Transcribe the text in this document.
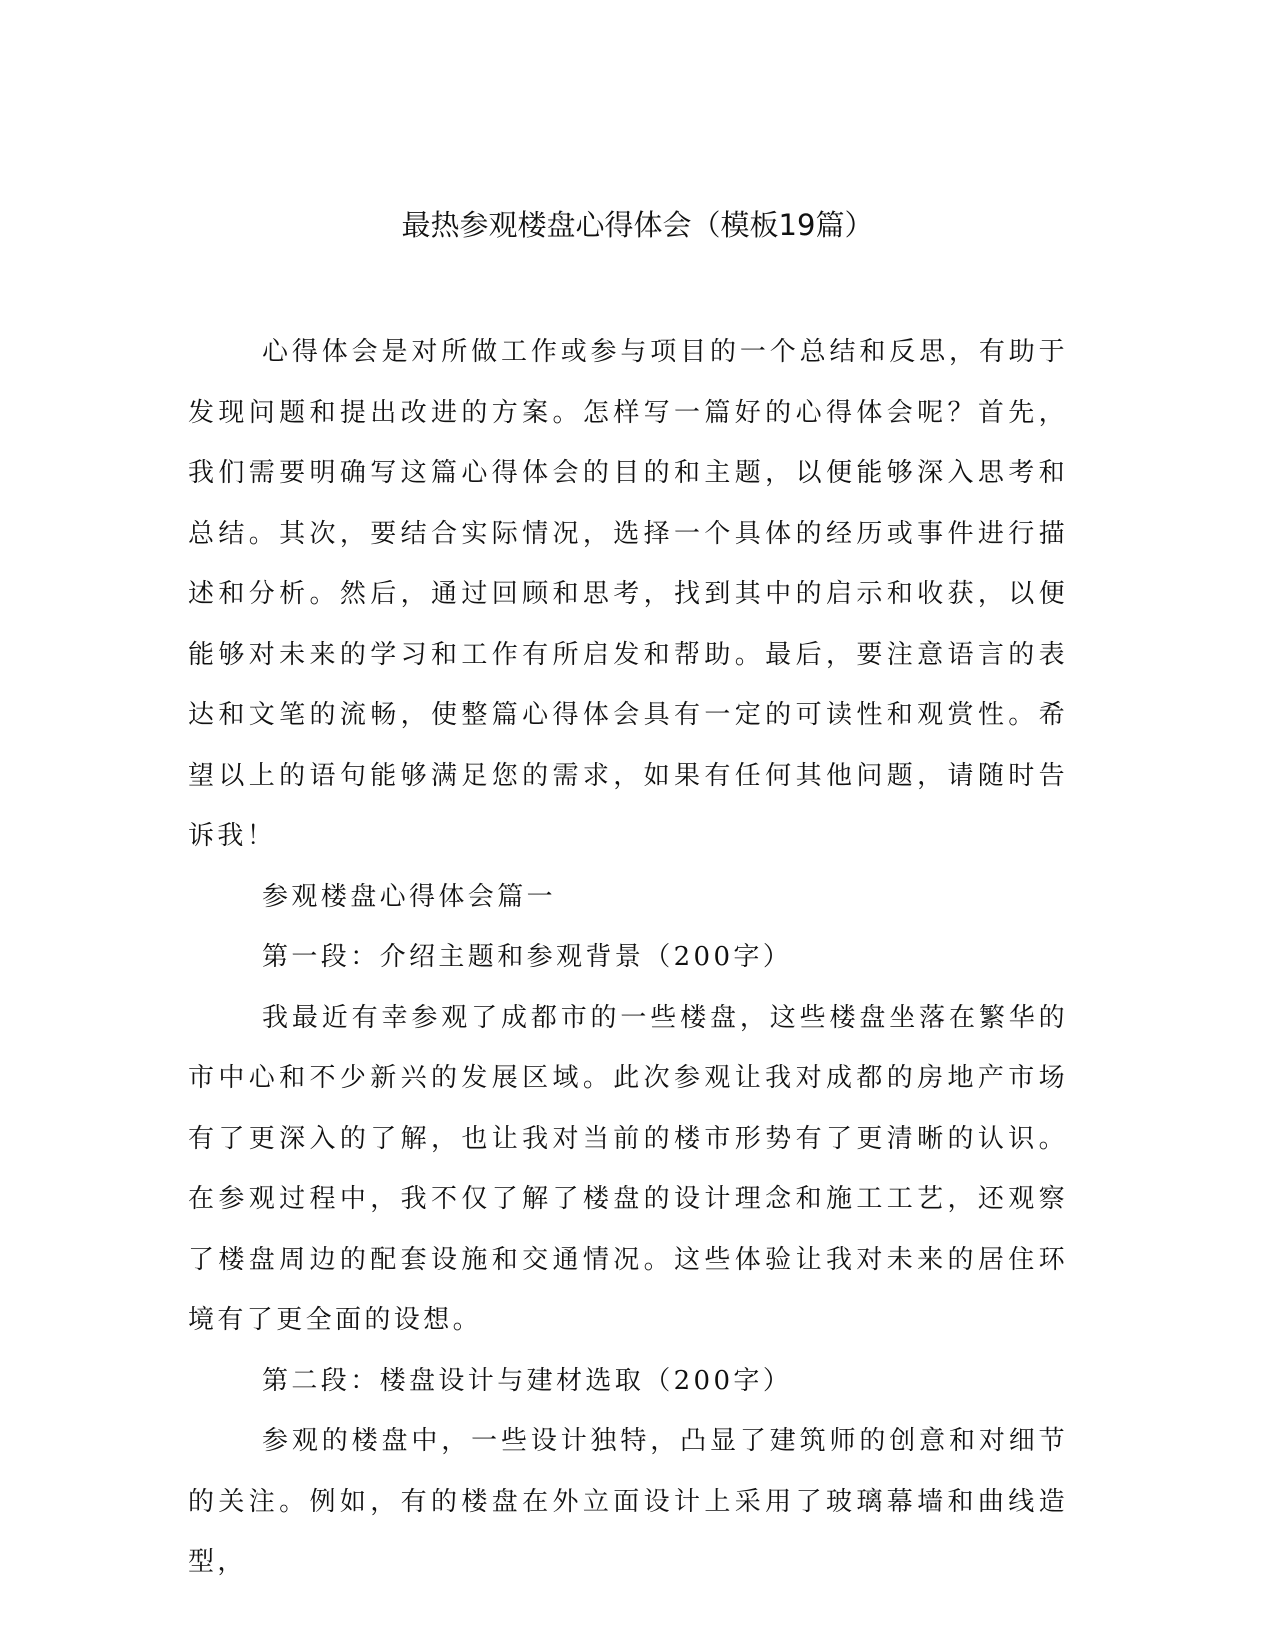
最热参观楼盘心得体会（模板19篇）

心得体会是对所做工作或参与项目的一个总结和反思，有助于发现问题和提出改进的方案。怎样写一篇好的心得体会呢？首先，我们需要明确写这篇心得体会的目的和主题，以便能够深入思考和总结。其次，要结合实际情况，选择一个具体的经历或事件进行描述和分析。然后，通过回顾和思考，找到其中的启示和收获，以便能够对未来的学习和工作有所启发和帮助。最后，要注意语言的表达和文笔的流畅，使整篇心得体会具有一定的可读性和观赏性。希望以上的语句能够满足您的需求，如果有任何其他问题，请随时告诉我！

参观楼盘心得体会篇一

第一段：介绍主题和参观背景（200字）

我最近有幸参观了成都市的一些楼盘，这些楼盘坐落在繁华的市中心和不少新兴的发展区域。此次参观让我对成都的房地产市场有了更深入的了解，也让我对当前的楼市形势有了更清晰的认识。在参观过程中，我不仅了解了楼盘的设计理念和施工工艺，还观察了楼盘周边的配套设施和交通情况。这些体验让我对未来的居住环境有了更全面的设想。

第二段：楼盘设计与建材选取（200字）

参观的楼盘中，一些设计独特，凸显了建筑师的创意和对细节的关注。例如，有的楼盘在外立面设计上采用了玻璃幕墙和曲线造型，
